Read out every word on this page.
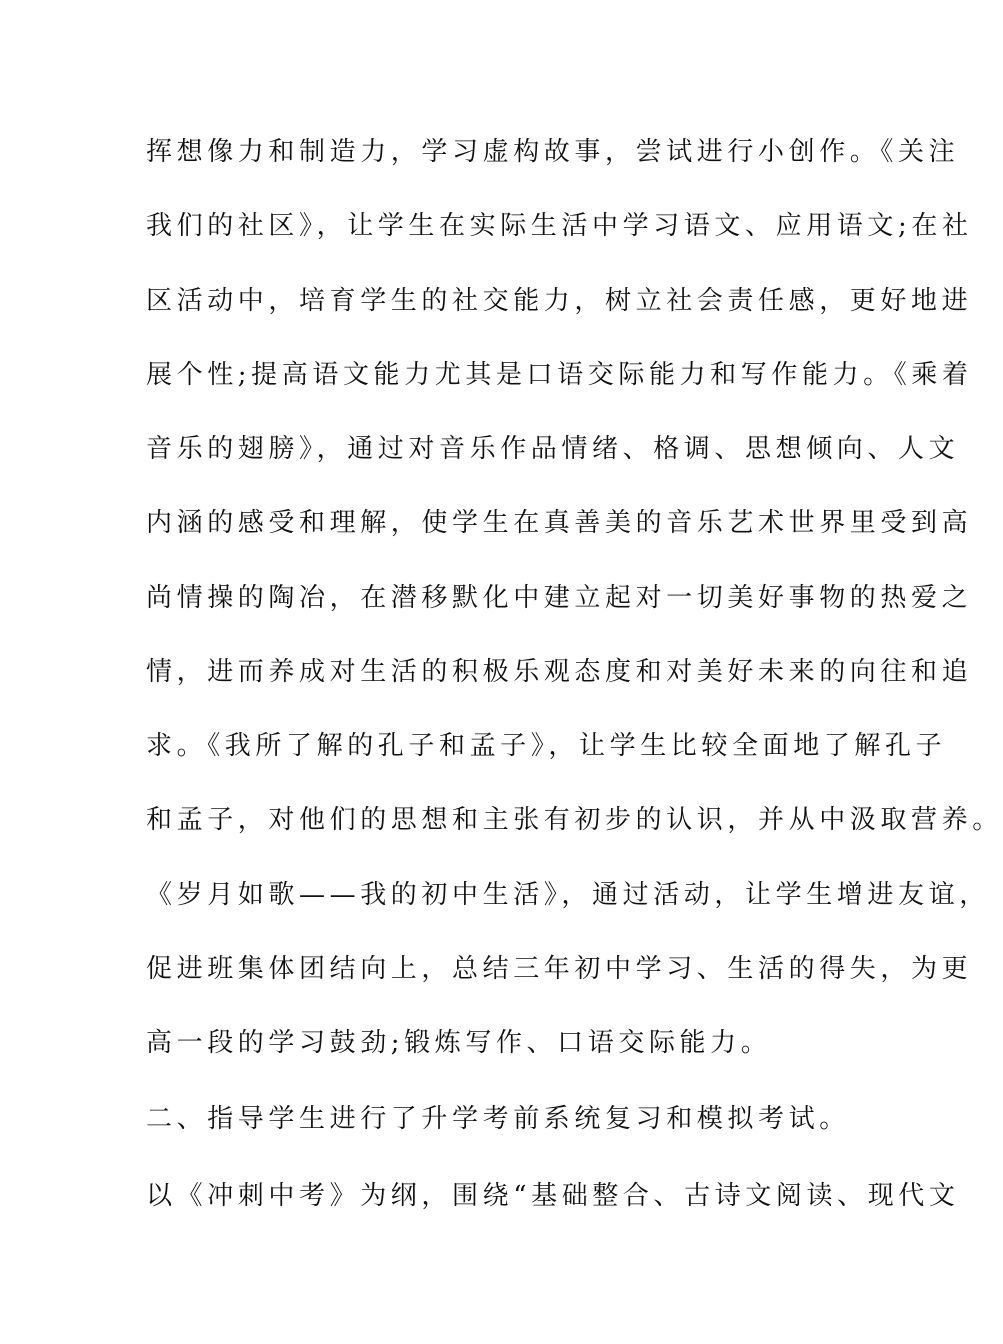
挥想像力和制造力，学习虚构故事，尝试进行小创作。《关注
我们的社区》，让学生在实际生活中学习语文、应用语文;在社
区活动中，培育学生的社交能力，树立社会责任感，更好地进
展个性;提高语文能力尤其是口语交际能力和写作能力。《乘着
音乐的翅膀》，通过对音乐作品情绪、格调、思想倾向、人文
内涵的感受和理解，使学生在真善美的音乐艺术世界里受到高
尚情操的陶冶，在潜移默化中建立起对一切美好事物的热爱之
情，进而养成对生活的积极乐观态度和对美好未来的向往和追
求。《我所了解的孔子和孟子》，让学生比较全面地了解孔子
和孟子，对他们的思想和主张有初步的认识，并从中汲取营养。
《岁月如歌——我的初中生活》，通过活动，让学生增进友谊，
促进班集体团结向上，总结三年初中学习、生活的得失，为更
高一段的学习鼓劲;锻炼写作、口语交际能力。
二、指导学生进行了升学考前系统复习和模拟考试。
以《冲刺中考》为纲，围绕“基础整合、古诗文阅读、现代文
